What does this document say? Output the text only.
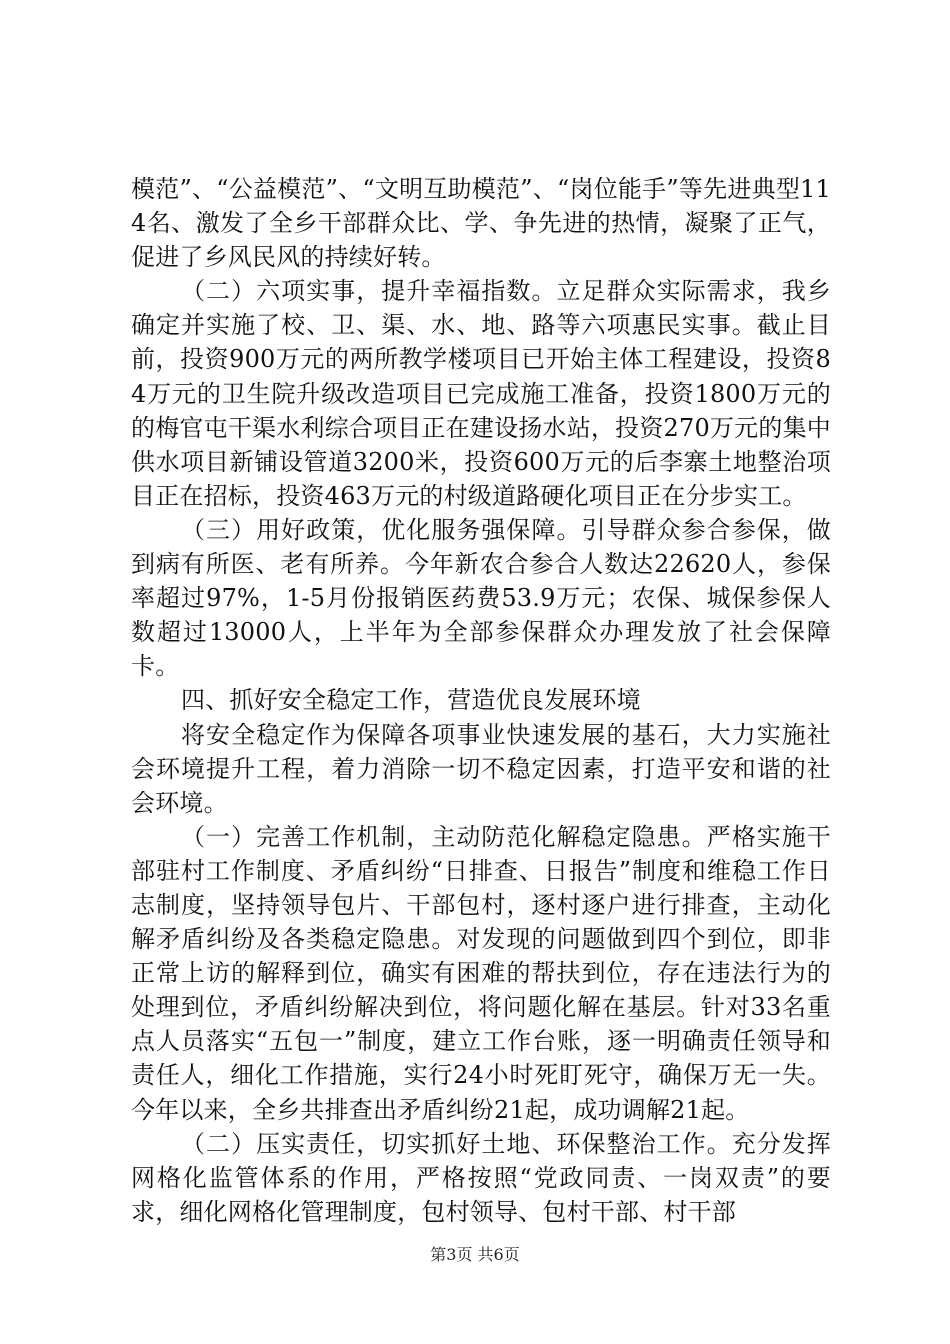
模范”、“公益模范”、“文明互助模范”、“岗位能手”等先进典型114名、激发了全乡干部群众比、学、争先进的热情，凝聚了正气，促进了乡风民风的持续好转。

（二）六项实事，提升幸福指数。立足群众实际需求，我乡确定并实施了校、卫、渠、水、地、路等六项惠民实事。截止目前，投资900万元的两所教学楼项目已开始主体工程建设，投资84万元的卫生院升级改造项目已完成施工准备，投资1800万元的的梅官屯干渠水利综合项目正在建设扬水站，投资270万元的集中供水项目新铺设管道3200米，投资600万元的后李寨土地整治项目正在招标，投资463万元的村级道路硬化项目正在分步实工。

（三）用好政策，优化服务强保障。引导群众参合参保，做到病有所医、老有所养。今年新农合参合人数达22620人，参保率超过97%，1-5月份报销医药费53.9万元；农保、城保参保人数超过13000人，上半年为全部参保群众办理发放了社会保障卡。

四、抓好安全稳定工作，营造优良发展环境

将安全稳定作为保障各项事业快速发展的基石，大力实施社会环境提升工程，着力消除一切不稳定因素，打造平安和谐的社会环境。

（一）完善工作机制，主动防范化解稳定隐患。严格实施干部驻村工作制度、矛盾纠纷“日排查、日报告”制度和维稳工作日志制度，坚持领导包片、干部包村，逐村逐户进行排查，主动化解矛盾纠纷及各类稳定隐患。对发现的问题做到四个到位，即非正常上访的解释到位，确实有困难的帮扶到位，存在违法行为的处理到位，矛盾纠纷解决到位，将问题化解在基层。针对33名重点人员落实“五包一”制度，建立工作台账，逐一明确责任领导和责任人，细化工作措施，实行24小时死盯死守，确保万无一失。今年以来，全乡共排查出矛盾纠纷21起，成功调解21起。

（二）压实责任，切实抓好土地、环保整治工作。充分发挥网格化监管体系的作用，严格按照“党政同责、一岗双责”的要求，细化网格化管理制度，包村领导、包村干部、村干部

第3页 共6页
